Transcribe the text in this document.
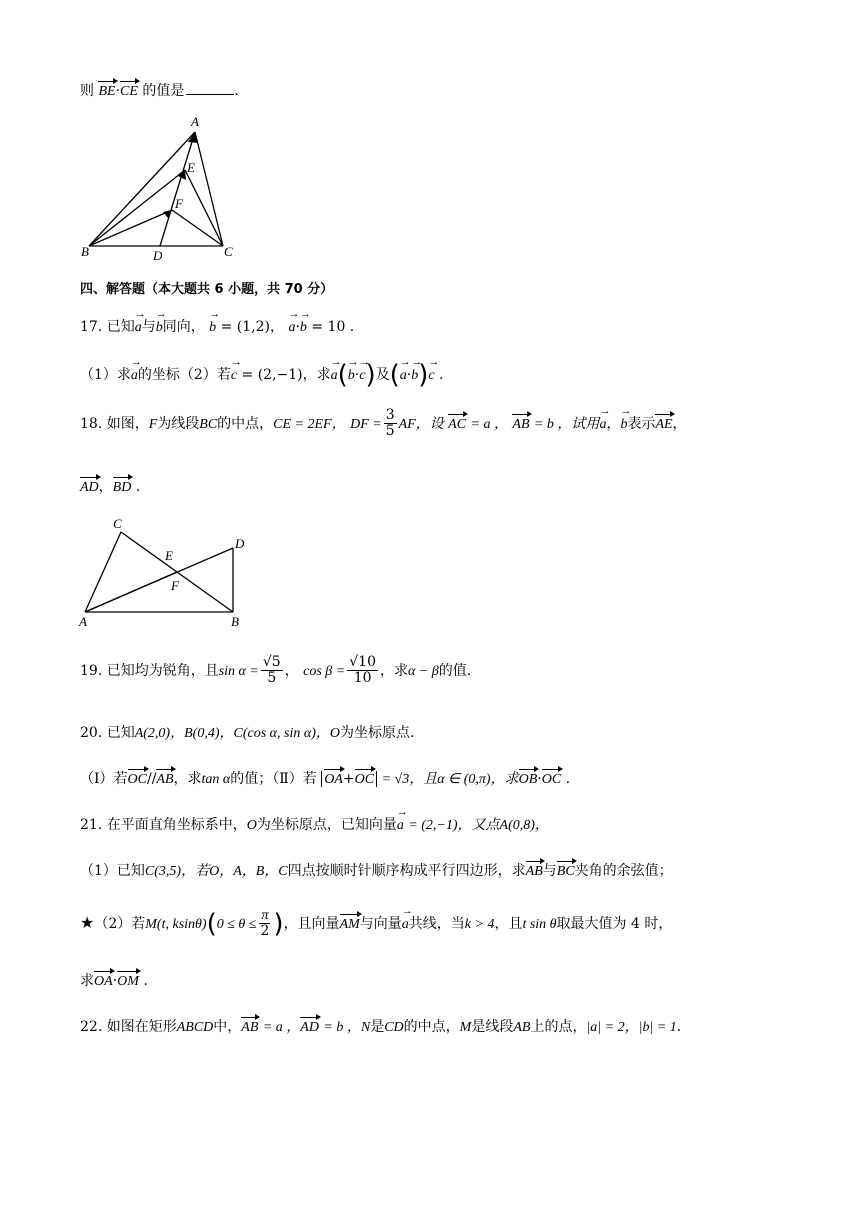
则 BE·CE 的值是	.
A
E
F
B	D	C
四、解答题（本大题共 6 小题，共 70 分）
17. 已知→ a与→ b同向， → b = (1,2)， → a·→ b = 10 .
（1）求→ a的坐标（2）若→ c = (2,−1)，求→ a(→ b·→ c)及(→ a·→ b)→ c .
18. 如图，F为线段BC的中点，CE = 2EF， DF = $\frac{3}{5}$ AF，设 AC = a ， AB = b ，试用→ a，→ b表示AE，
AD，BD .
C
D
E
F
A	B
19. 已知均为锐角，且$\sin \alpha = \frac{√5}{5}$ ， $\cos \beta = \frac{√10}{10}$ ，求α − β的值.
20. 已知A(2,0)，B(0,4)，C(cos α, sin α)，O为坐标原点.
（Ⅰ）若OC//AB，求tan α的值；（Ⅱ）若 OA+OC = √3，且α ∈ (0,π)，求OB·OC .
21. 在平面直角坐标系中，O为坐标原点，已知向量→ a = (2,−1)，又点A(0,8)，
（1）已知C(3,5)，若O，A，B，C四点按顺时针顺序构成平行四边形，求AB与BC夹角的余弦值；
★（2）若M(t, $ksin\theta)(0 \le \theta \le \frac{\pi}{2}$ )，且向量AM与向量→ a共线，当k > 4，且t sin θ取最大值为 4 时，
求OA·OM .
22. 如图在矩形ABCD中，AB = a ，AD = b ，N是CD的中点，M是线段AB上的点，|a| = 2，|b| = 1.
